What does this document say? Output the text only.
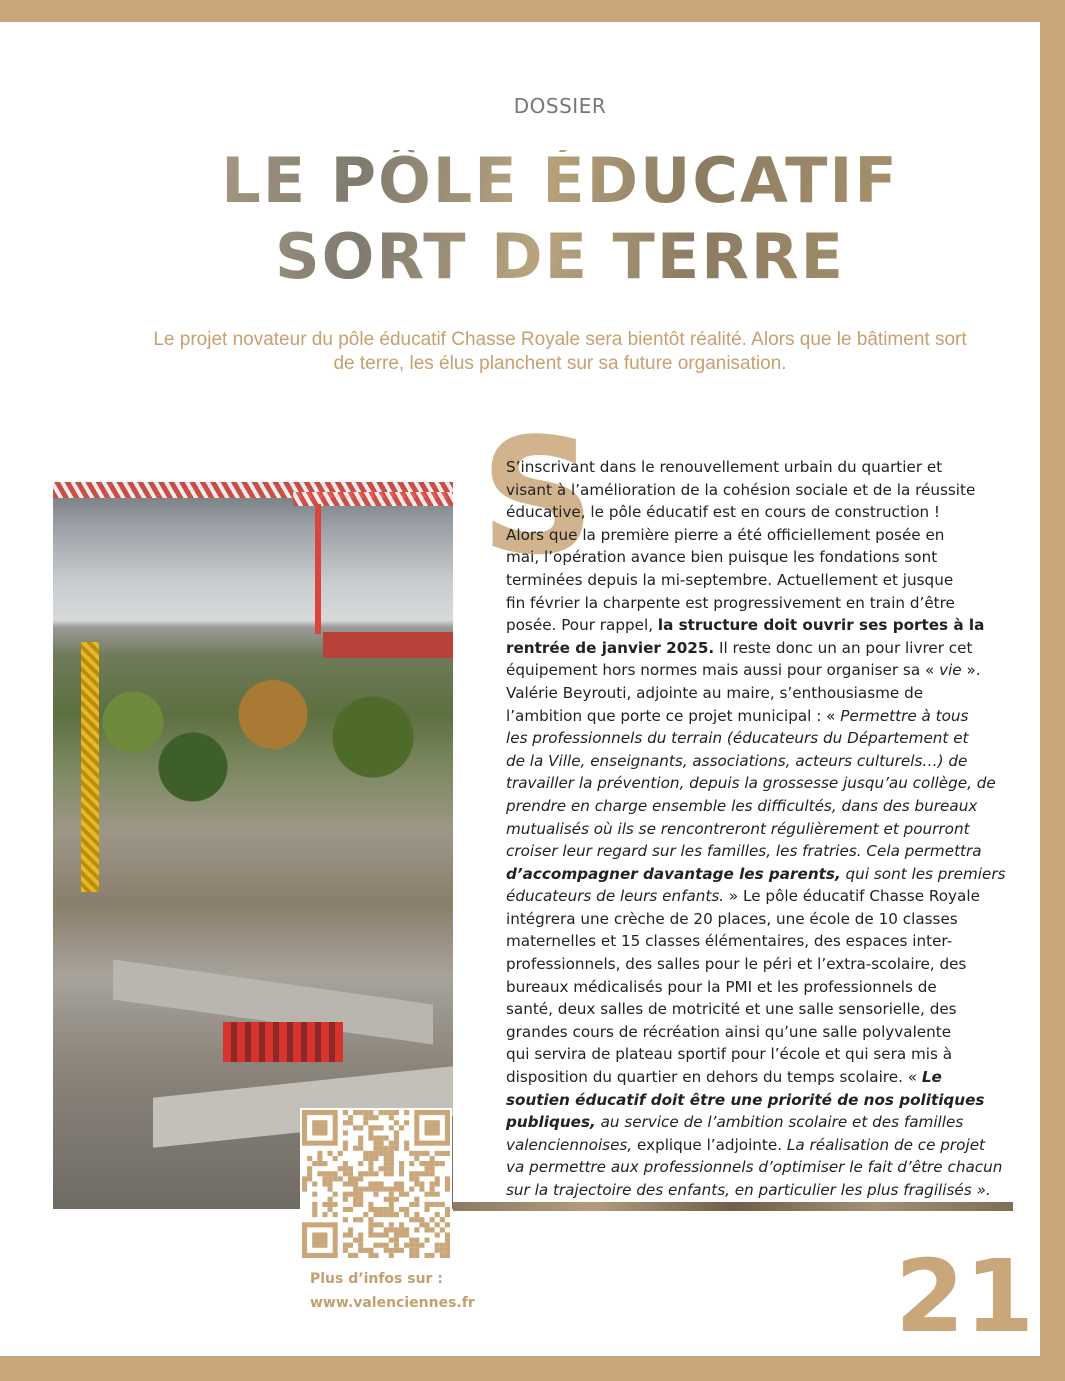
DOSSIER
LE PÔLE ÉDUCATIF
SORT DE TERRE
Le projet novateur du pôle éducatif Chasse Royale sera bientôt réalité. Alors que le bâtiment sort de terre, les élus planchent sur sa future organisation.
S

S’inscrivant dans le renouvellement urbain du quartier et

visant à l’amélioration de la cohésion sociale et de la réussite

éducative, le pôle éducatif est en cours de construction !

Alors que la première pierre a été officiellement posée en

mai, l’opération avance bien puisque les fondations sont

terminées depuis la mi-septembre. Actuellement et jusque

fin février la charpente est progressivement en train d’être

posée. Pour rappel, la structure doit ouvrir ses portes à la

rentrée de janvier 2025. Il reste donc un an pour livrer cet

équipement hors normes mais aussi pour organiser sa « vie ».

Valérie Beyrouti, adjointe au maire, s’enthousiasme de

l’ambition que porte ce projet municipal : « Permettre à tous

les professionnels du terrain (éducateurs du Département et

de la Ville, enseignants, associations, acteurs culturels…) de

travailler la prévention, depuis la grossesse jusqu’au collège, de

prendre en charge ensemble les difficultés, dans des bureaux

mutualisés où ils se rencontreront régulièrement et pourront

croiser leur regard sur les familles, les fratries. Cela permettra

d’accompagner davantage les parents, qui sont les premiers

éducateurs de leurs enfants. » Le pôle éducatif Chasse Royale

intégrera une crèche de 20 places, une école de 10 classes

maternelles et 15 classes élémentaires, des espaces inter-

professionnels, des salles pour le péri et l’extra-scolaire, des

bureaux médicalisés pour la PMI et les professionnels de

santé, deux salles de motricité et une salle sensorielle, des

grandes cours de récréation ainsi qu’une salle polyvalente

qui servira de plateau sportif pour l’école et qui sera mis à

disposition du quartier en dehors du temps scolaire. « Le

soutien éducatif doit être une priorité de nos politiques

publiques, au service de l’ambition scolaire et des familles

valenciennoises, explique l’adjointe. La réalisation de ce projet

va permettre aux professionnels d’optimiser le fait d’être chacun

sur la trajectoire des enfants, en particulier les plus fragilisés ».

Plus d’infos sur :
www.valenciennes.fr	21
